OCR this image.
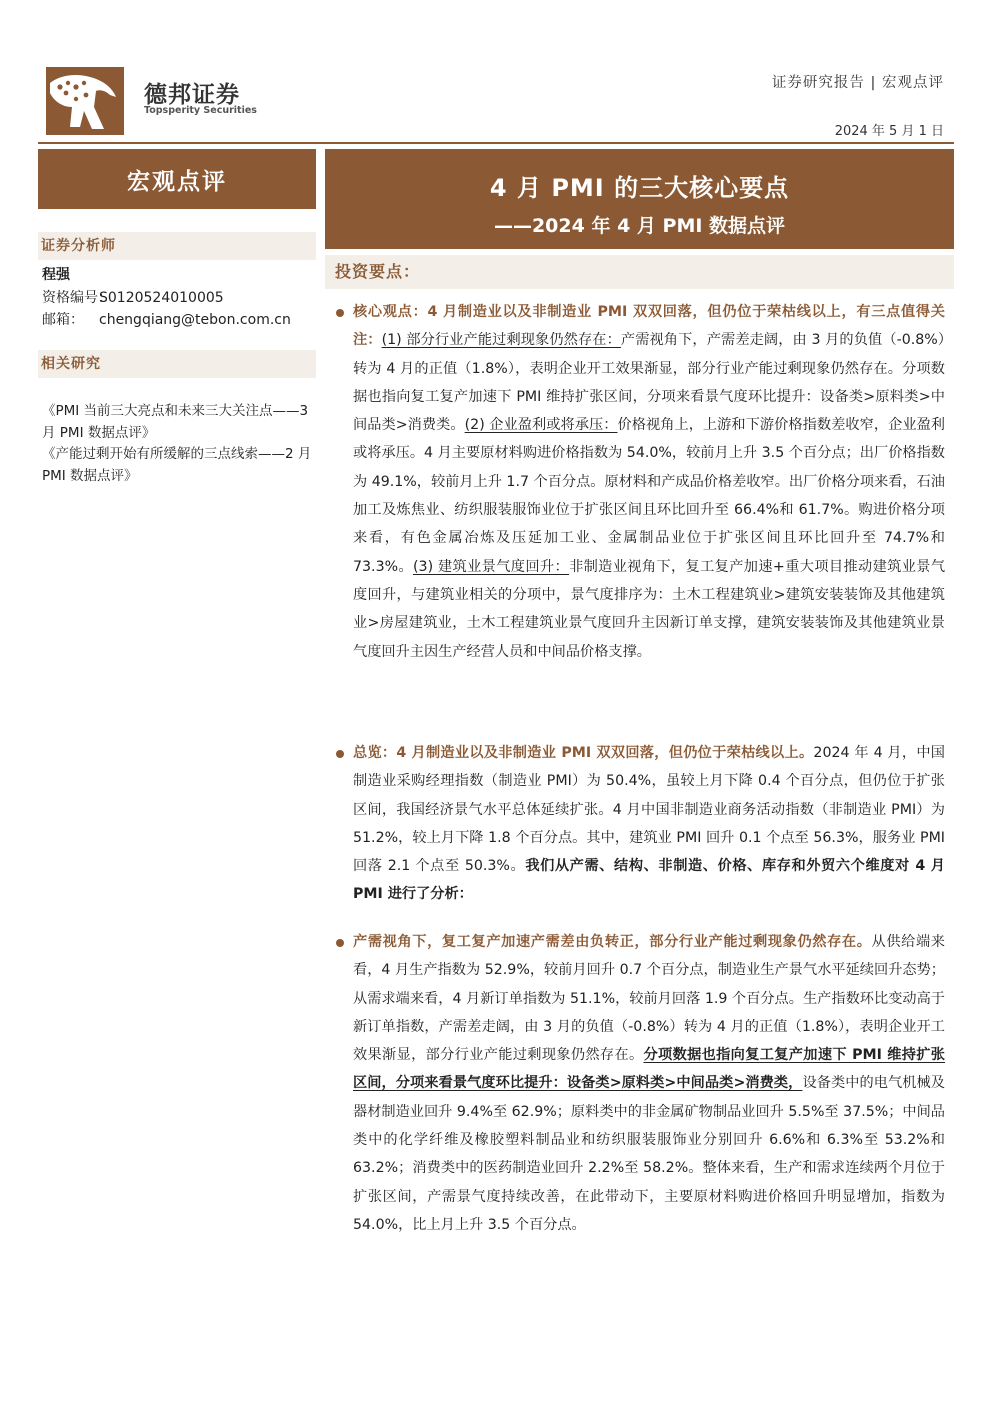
德邦证券
Topsperity Securities
证券研究报告 | 宏观点评
2024 年 5 月 1 日
宏观点评	4 月 PMI 的三大核心要点
——2024 年 4 月 PMI 数据点评
证券分析师
程强
资格编号：S0120524010005
邮箱： chengqiang@tebon.com.cn
相关研究
《PMI 当前三大亮点和未来三大关注点——3 月 PMI 数据点评》
《产能过剩开始有所缓解的三点线索——2 月 PMI 数据点评》
投资要点：
核心观点：4 月制造业以及非制造业 PMI 双双回落，但仍位于荣枯线以上，有三点值得关注：(1) 部分行业产能过剩现象仍然存在：产需视角下，产需差走阔，由 3 月的负值（-0.8%）转为 4 月的正值（1.8%），表明企业开工效果渐显，部分行业产能过剩现象仍然存在。分项数据也指向复工复产加速下 PMI 维持扩张区间，分项来看景气度环比提升：设备类>原料类>中间品类>消费类。(2) 企业盈利或将承压：价格视角上，上游和下游价格指数差收窄，企业盈利或将承压。4 月主要原材料购进价格指数为 54.0%，较前月上升 3.5 个百分点；出厂价格指数为 49.1%，较前月上升 1.7 个百分点。原材料和产成品价格差收窄。出厂价格分项来看，石油加工及炼焦业、纺织服装服饰业位于扩张区间且环比回升至 66.4%和 61.7%。购进价格分项来看，有色金属冶炼及压延加工业、金属制品业位于扩张区间且环比回升至 74.7%和 73.3%。(3) 建筑业景气度回升：非制造业视角下，复工复产加速+重大项目推动建筑业景气度回升，与建筑业相关的分项中，景气度排序为：土木工程建筑业>建筑安装装饰及其他建筑业>房屋建筑业，土木工程建筑业景气度回升主因新订单支撑，建筑安装装饰及其他建筑业景气度回升主因生产经营人员和中间品价格支撑。
总览：4 月制造业以及非制造业 PMI 双双回落，但仍位于荣枯线以上。2024 年 4 月，中国制造业采购经理指数（制造业 PMI）为 50.4%，虽较上月下降 0.4 个百分点，但仍位于扩张区间，我国经济景气水平总体延续扩张。4 月中国非制造业商务活动指数（非制造业 PMI）为 51.2%，较上月下降 1.8 个百分点。其中，建筑业 PMI 回升 0.1 个点至 56.3%，服务业 PMI 回落 2.1 个点至 50.3%。我们从产需、结构、非制造、价格、库存和外贸六个维度对 4 月 PMI 进行了分析：
产需视角下，复工复产加速产需差由负转正，部分行业产能过剩现象仍然存在。从供给端来看，4 月生产指数为 52.9%，较前月回升 0.7 个百分点，制造业生产景气水平延续回升态势；从需求端来看，4 月新订单指数为 51.1%，较前月回落 1.9 个百分点。生产指数环比变动高于新订单指数，产需差走阔，由 3 月的负值（-0.8%）转为 4 月的正值（1.8%），表明企业开工效果渐显，部分行业产能过剩现象仍然存在。分项数据也指向复工复产加速下 PMI 维持扩张区间，分项来看景气度环比提升：设备类>原料类>中间品类>消费类，设备类中的电气机械及器材制造业回升 9.4%至 62.9%；原料类中的非金属矿物制品业回升 5.5%至 37.5%；中间品类中的化学纤维及橡胶塑料制品业和纺织服装服饰业分别回升 6.6%和 6.3%至 53.2%和 63.2%；消费类中的医药制造业回升 2.2%至 58.2%。整体来看，生产和需求连续两个月位于扩张区间，产需景气度持续改善，在此带动下，主要原材料购进价格回升明显增加，指数为 54.0%，比上月上升 3.5 个百分点。
